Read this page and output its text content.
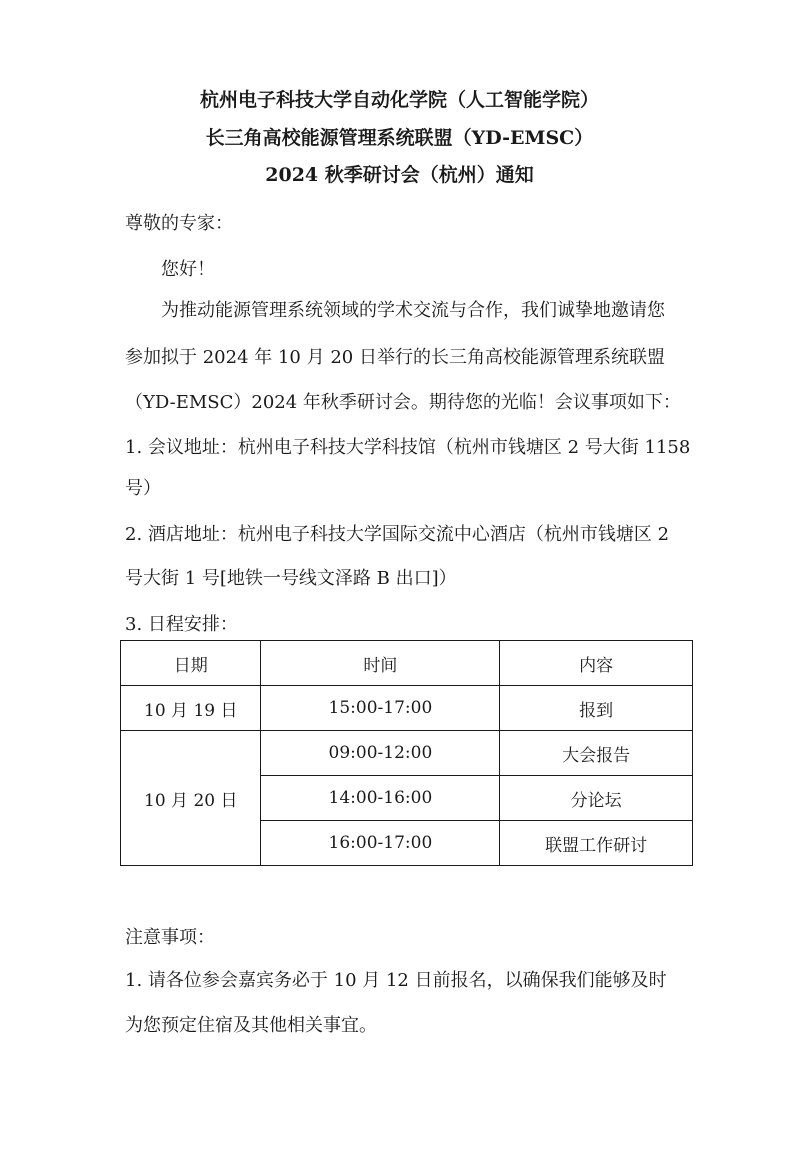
杭州电子科技大学自动化学院（人工智能学院）
长三角高校能源管理系统联盟（YD-EMSC）
2024 秋季研讨会（杭州）通知
尊敬的专家：
您好！
为推动能源管理系统领域的学术交流与合作，我们诚挚地邀请您
参加拟于 2024 年 10 月 20 日举行的长三角高校能源管理系统联盟
（YD-EMSC）2024 年秋季研讨会。期待您的光临！会议事项如下：
1. 会议地址：杭州电子科技大学科技馆（杭州市钱塘区 2 号大街 1158
号）
2. 酒店地址：杭州电子科技大学国际交流中心酒店（杭州市钱塘区 2
号大街 1 号[地铁一号线文泽路 B 出口]）
3. 日程安排：
日期	时间	内容
10 月 19 日	15:00-17:00	报到
10 月 20 日	09:00-12:00	大会报告
	14:00-16:00	分论坛
	16:00-17:00	联盟工作研讨
注意事项：
1. 请各位参会嘉宾务必于 10 月 12 日前报名，以确保我们能够及时
为您预定住宿及其他相关事宜。
